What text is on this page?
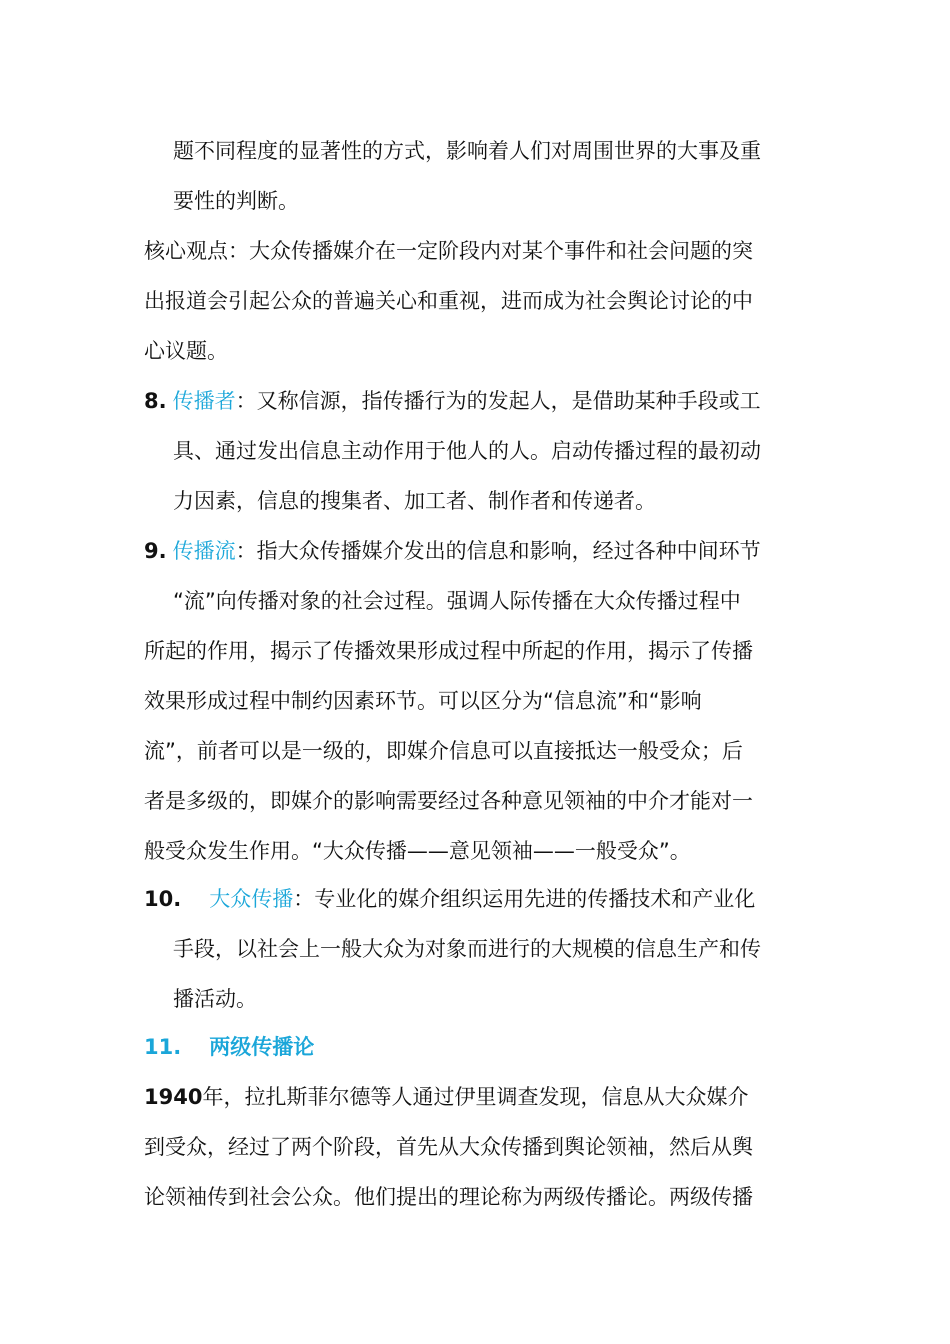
题不同程度的显著性的方式，影响着人们对周围世界的大事及重
要性的判断。
核心观点：大众传播媒介在一定阶段内对某个事件和社会问题的突
出报道会引起公众的普遍关心和重视，进而成为社会舆论讨论的中
心议题。
8. 传播者：又称信源，指传播行为的发起人，是借助某种手段或工
具、通过发出信息主动作用于他人的人。启动传播过程的最初动
力因素，信息的搜集者、加工者、制作者和传递者。
9. 传播流：指大众传播媒介发出的信息和影响，经过各种中间环节
“流”向传播对象的社会过程。强调人际传播在大众传播过程中
所起的作用，揭示了传播效果形成过程中所起的作用，揭示了传播
效果形成过程中制约因素环节。可以区分为“信息流”和“影响
流”，前者可以是一级的，即媒介信息可以直接抵达一般受众；后
者是多级的，即媒介的影响需要经过各种意见领袖的中介才能对一
般受众发生作用。“大众传播——意见领袖——一般受众”。
10. 大众传播：专业化的媒介组织运用先进的传播技术和产业化
手段，以社会上一般大众为对象而进行的大规模的信息生产和传
播活动。
11. 两级传播论
1940年，拉扎斯菲尔德等人通过伊里调查发现，信息从大众媒介
到受众，经过了两个阶段，首先从大众传播到舆论领袖，然后从舆
论领袖传到社会公众。他们提出的理论称为两级传播论。两级传播
